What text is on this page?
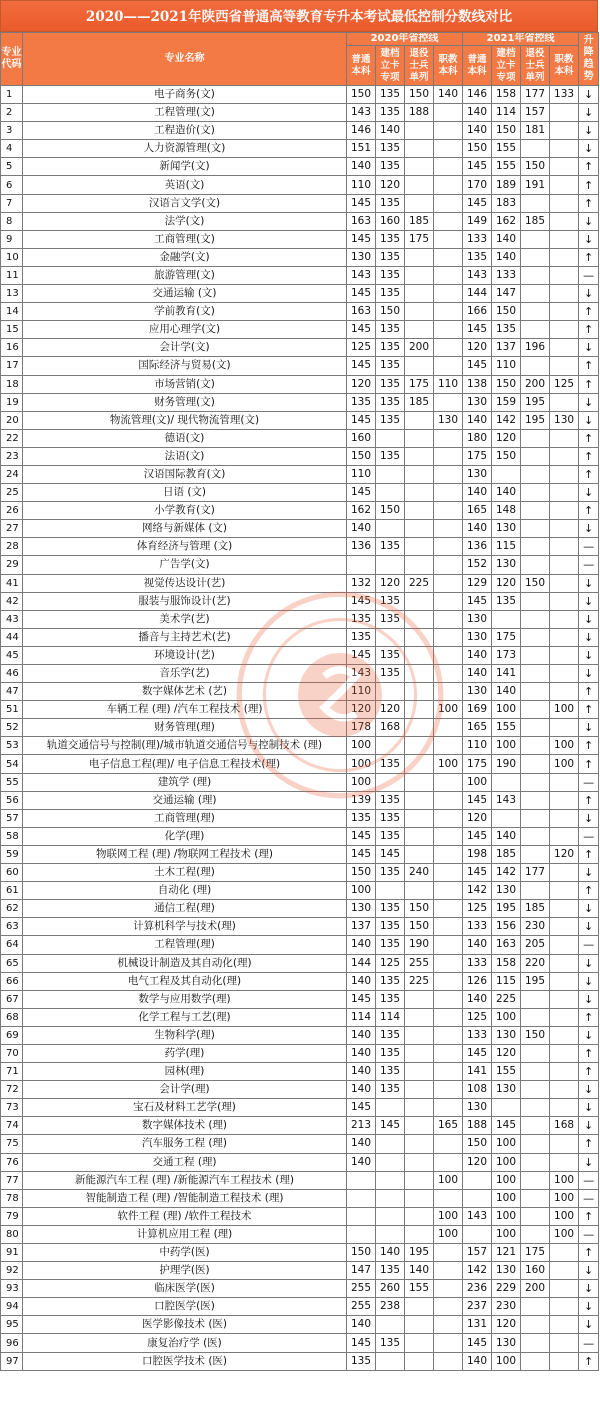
2020——2021年陕西省普通高等教育专升本考试最低控制分数线对比
专业代码	专业名称	2020年省控线				2021年省控线				升降趋势
		普通本科	建档立卡专项	退役士兵单列	职教本科	普通本科	建档立卡专项	退役士兵单列	职教本科	
1	电子商务(文)	150	135	150	140	146	158	177	133	↓
2	工程管理(文)	143	135	188		140	114	157		↓
3	工程造价(文)	146	140			140	150	181		↓
4	人力资源管理(文)	151	135			150	155			↓
5	新闻学(文)	140	135			145	155	150		↑
6	英语(文)	110	120			170	189	191		↑
7	汉语言文学(文)	145	135			145	183			↑
8	法学(文)	163	160	185		149	162	185		↓
9	工商管理(文)	145	135	175		133	140			↓
10	金融学(文)	130	135			135	140			↑
11	旅游管理(文)	143	135			143	133			—
13	交通运输 (文)	145	135			144	147			↓
14	学前教育(文)	163	150			166	150			↑
15	应用心理学(文)	145	135			145	135			↑
16	会计学(文)	125	135	200		120	137	196		↓
17	国际经济与贸易(文)	145	135			145	110			↑
18	市场营销(文)	120	135	175	110	138	150	200	125	↑
19	财务管理(文)	135	135	185		130	159	195		↓
20	物流管理(文)/ 现代物流管理(文)	145	135		130	140	142	195	130	↓
22	德语(文)	160				180	120			↑
23	法语(文)	150	135			175	150			↑
24	汉语国际教育(文)	110				130				↑
25	日语 (文)	145				140	140			↓
26	小学教育(文)	162	150			165	148			↑
27	网络与新媒体 (文)	140				140	130			↓
28	体育经济与管理 (文)	136	135			136	115			—
29	广告学(文)					152	130			—
41	视觉传达设计(艺)	132	120	225		129	120	150		↓
42	服装与服饰设计(艺)	145	135			145	135			↓
43	美术学(艺)	135	135			130				↓
44	播音与主持艺术(艺)	135				130	175			↓
45	环境设计(艺)	145	135			140	173			↓
46	音乐学(艺)	143	135			140	141			↓
47	数字媒体艺术 (艺)	110				130	140			↑
51	车辆工程 (理) /汽车工程技术 (理)	120	120		100	169	100		100	↑
52	财务管理(理)	178	168			165	155			↓
53	轨道交通信号与控制(理)/城市轨道交通信号与控制技术 (理)	100				110	100		100	↑
54	电子信息工程(理)/ 电子信息工程技术(理)	100	135		100	175	190		100	↑
55	建筑学 (理)	100				100				—
56	交通运输 (理)	139	135			145	143			↑
57	工商管理(理)	135	135			120				↓
58	化学(理)	145	135			145	140			—
59	物联网工程 (理) /物联网工程技术 (理)	145	145			198	185		120	↑
60	土木工程(理)	150	135	240		145	142	177		↓
61	自动化 (理)	100				142	130			↑
62	通信工程(理)	130	135	150		125	195	185		↓
63	计算机科学与技术(理)	137	135	150		133	156	230		↓
64	工程管理(理)	140	135	190		140	163	205		—
65	机械设计制造及其自动化(理)	144	125	255		133	158	220		↓
66	电气工程及其自动化(理)	140	135	225		126	115	195		↓
67	数学与应用数学(理)	145	135			140	225			↓
68	化学工程与工艺(理)	114	114			125	100			↑
69	生物科学(理)	140	135			133	130	150		↓
70	药学(理)	140	135			145	120			↑
71	园林(理)	140	135			141	155			↑
72	会计学(理)	140	135			108	130			↓
73	宝石及材料工艺学(理)	145				130				↓
74	数字媒体技术 (理)	213	145		165	188	145		168	↓
75	汽车服务工程 (理)	140				150	100			↑
76	交通工程 (理)	140				120	100			↓
77	新能源汽车工程 (理) /新能源汽车工程技术 (理)				100		100		100	—
78	智能制造工程 (理) /智能制造工程技术 (理)						100		100	—
79	软件工程 (理) /软件工程技术				100	143	100		100	↑
80	计算机应用工程 (理)				100		100		100	—
91	中药学(医)	150	140	195		157	121	175		↑
92	护理学(医)	147	135	140		142	130	160		↓
93	临床医学(医)	255	260	155		236	229	200		↓
94	口腔医学(医)	255	238			237	230			↓
95	医学影像技术 (医)	140				131	120			↓
96	康复治疗学 (医)	145	135			145	130			—
97	口腔医学技术 (医)	135				140	100			↑
